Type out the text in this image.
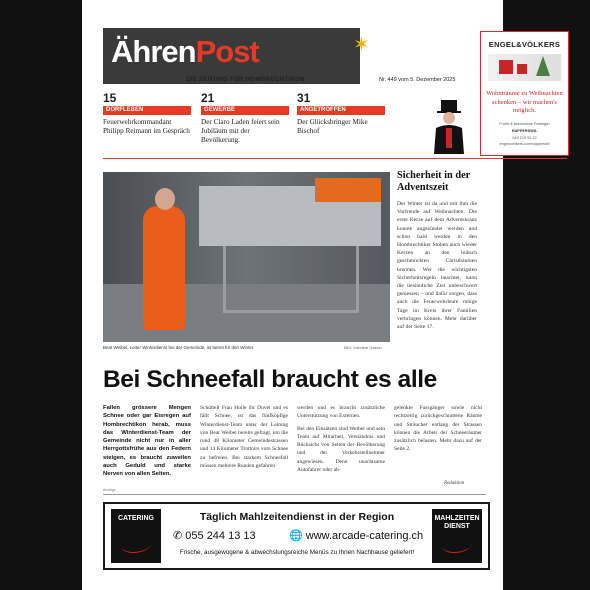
ÄhrenPost	✶
DIE ZEITUNG FÜR HOMBRECHTIKON	Nr. 449 vom 5. Dezember 2025
ENGEL&VÖLKERS
Wohnträume zu Weihnachten schenken – wir machen's möglich.
Frohe & besinnliche Festtage!
RAPPERSWIL
043 210 92 22
engelvoelkers.com/rapperswil
15
DORFLEBEN
Feuerwehrkommandant Philipp Reimann im Gespräch
21
GEWERBE
Der Claro Laden feiert sein Jubiläum mit der Bevölkerung.
31
ANGETROFFEN
Der Glücksbringer Mike Bischof
Beat Weibel, Leiter Winterdienst bei der Gemeinde, ist bereit für den Winter.	Bild: Gabriela Gasser
Sicherheit in der Adventszeit
Der Winter ist da und mit ihm die Vorfreude auf Weihnachten. Die erste Kerze auf dem Adventskranz konnte angezündet werden und schon bald werden in den Hombrechtiker Stuben auch wieder Kerzen an den hübsch geschmückten Christbäumen brennen. Wer die wichtigsten Sicherheitsregeln beachtet, kann die besinnliche Zeit unbeschwert geniessen – und dafür sorgen, dass auch die Feuerwehrleute ruhige Tage im Kreis ihrer Familien verbringen können. Mehr darüber auf der Seite 17.
Bei Schneefall braucht es alle
Fallen grössere Mengen Schnee oder gar Eisregen auf Hombrechtikon herab, muss das Winterdienst-Team der Gemeinde nicht nur in aller Herrgottsfrühe aus den Federn steigen, es braucht zuweilen auch Geduld und starke Nerven von allen Seiten.
Schüttelt Frau Holle ihr Duvet und es fällt Schnee, ist das fünfköpfige Winterdienst-Team unter der Leitung von Beat Weibel bereits gefragt, um die rund 48 Kilometer Gemeindestrassen und 14 Kilometer Trottoirs vom Schnee zu befreien. Bei starkem Schneefall müssen mehrere Runden gefahren

werden und es braucht zusätzliche Unterstützung von Externen.

Bei den Einsätzen sind Weibel und sein Team auf Mitarbeit, Verständnis und Rücksicht von Seiten der Bevölkerung und der Verkehrsteilnehmer angewiesen. Denn unachtsame Autofahrer oder ab-

gelenkte Fussgänger sowie nicht rechtzeitig zurückgeschnittene Räume und Sträucher entlang der Strassen können die Arbeit der Schneeräumer zusätzlich belasten. Mehr dazu auf der Seite 2.
Redaktion
Anzeige
CATERING	Täglich Mahlzeitendienst in der Region
✆ 055 244 13 13	🌐 www.arcade-catering.ch
Frische, ausgewogene & abwechslungsreiche Menüs zu Ihnen Nachhause geliefert!
MAHLZEITEN DIENST
